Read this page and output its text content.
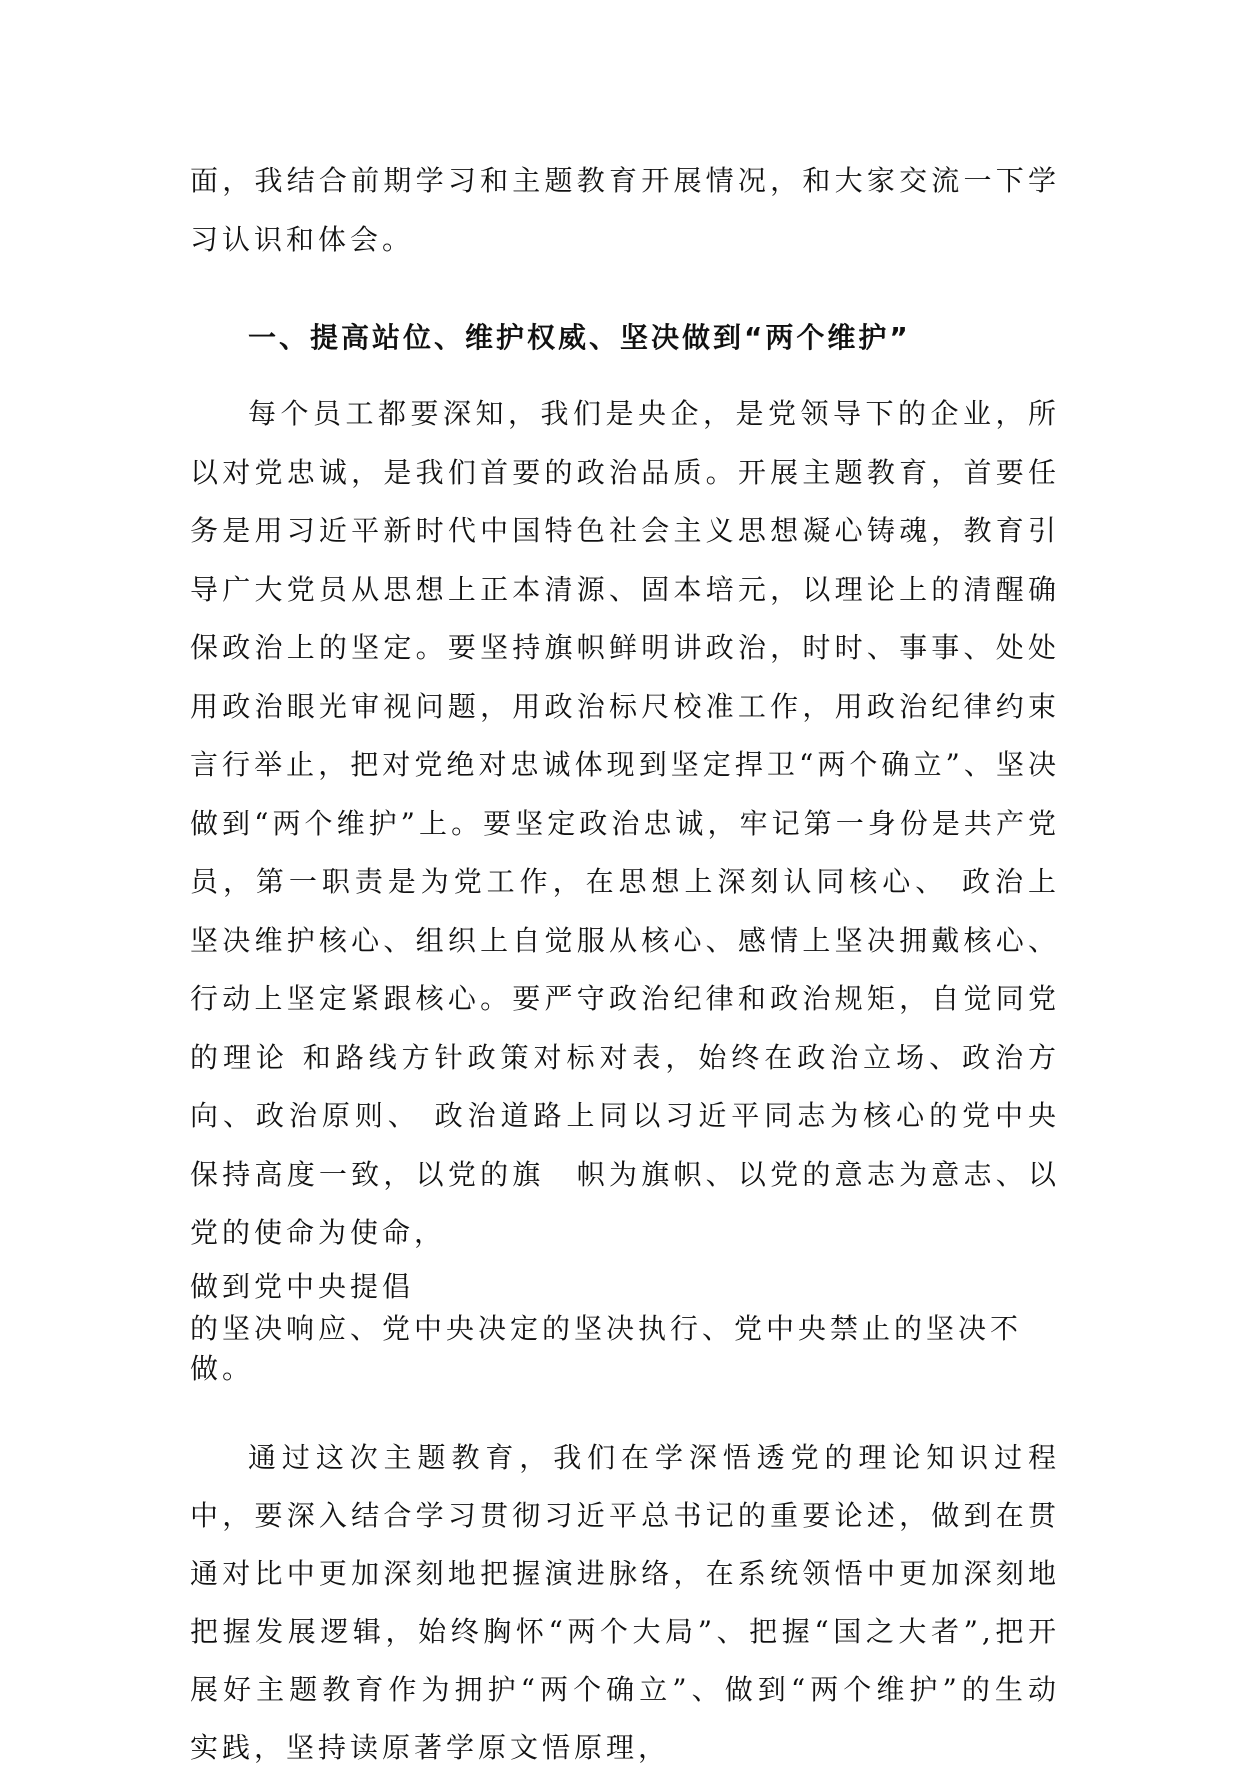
面，我结合前期学习和主题教育开展情况，和大家交流一下学习认识和体会。

一、提高站位、维护权威、坚决做到“两个维护”

每个员工都要深知，我们是央企，是党领导下的企业，所以对党忠诚，是我们首要的政治品质。开展主题教育，首要任务是用习近平新时代中国特色社会主义思想凝心铸魂，教育引导广大党员从思想上正本清源、固本培元，以理论上的清醒确保政治上的坚定。要坚持旗帜鲜明讲政治，时时、事事、处处用政治眼光审视问题，用政治标尺校准工作，用政治纪律约束言行举止，把对党绝对忠诚体现到坚定捍卫“两个确立”、坚决做到“两个维护”上。要坚定政治忠诚，牢记第一身份是共产党员，第一职责是为党工作，在思想上深刻认同核心、 政治上坚决维护核心、组织上自觉服从核心、感情上坚决拥戴核心、 行动上坚定紧跟核心。要严守政治纪律和政治规矩，自觉同党的理论 和路线方针政策对标对表，始终在政治立场、政治方向、政治原则、 政治道路上同以习近平同志为核心的党中央保持高度一致，以党的旗　帜为旗帜、以党的意志为意志、以党的使命为使命，

做到党中央提倡

的坚决响应、党中央决定的坚决执行、党中央禁止的坚决不做。

通过这次主题教育，我们在学深悟透党的理论知识过程中，要深入结合学习贯彻习近平总书记的重要论述，做到在贯通对比中更加深刻地把握演进脉络，在系统领悟中更加深刻地把握发展逻辑，始终胸怀“两个大局”、把握“国之大者”,把开展好主题教育作为拥护“两个确立”、做到“两个维护”的生动实践，坚持读原著学原文悟原理，
